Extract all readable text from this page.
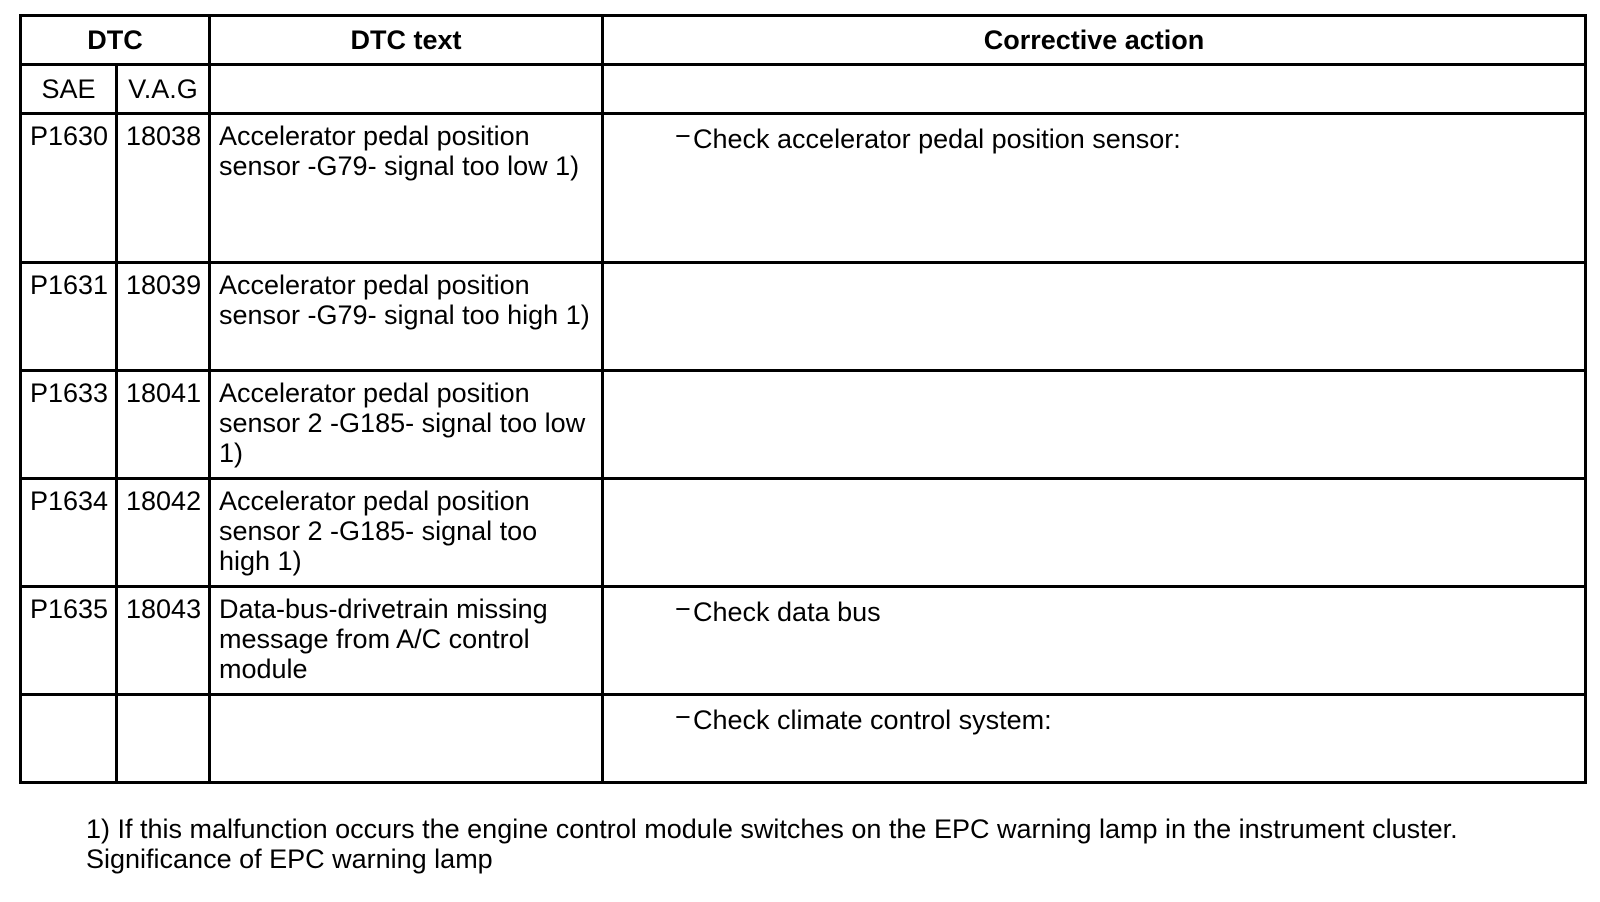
DTC		DTC text	Corrective action
SAE	V.A.G		
P1630	18038	Accelerator pedal position sensor -G79- signal too low 1)	−Check accelerator pedal position sensor:
P1631	18039	Accelerator pedal position sensor -G79- signal too high 1)	
P1633	18041	Accelerator pedal position sensor 2 -G185- signal too low 1)	
P1634	18042	Accelerator pedal position sensor 2 -G185- signal too high 1)	
P1635	18043	Data-bus-drivetrain missing message from A/C control module	−Check data bus
			−Check climate control system:
1) If this malfunction occurs the engine control module switches on the EPC warning lamp in the instrument cluster.
Significance of EPC warning lamp
